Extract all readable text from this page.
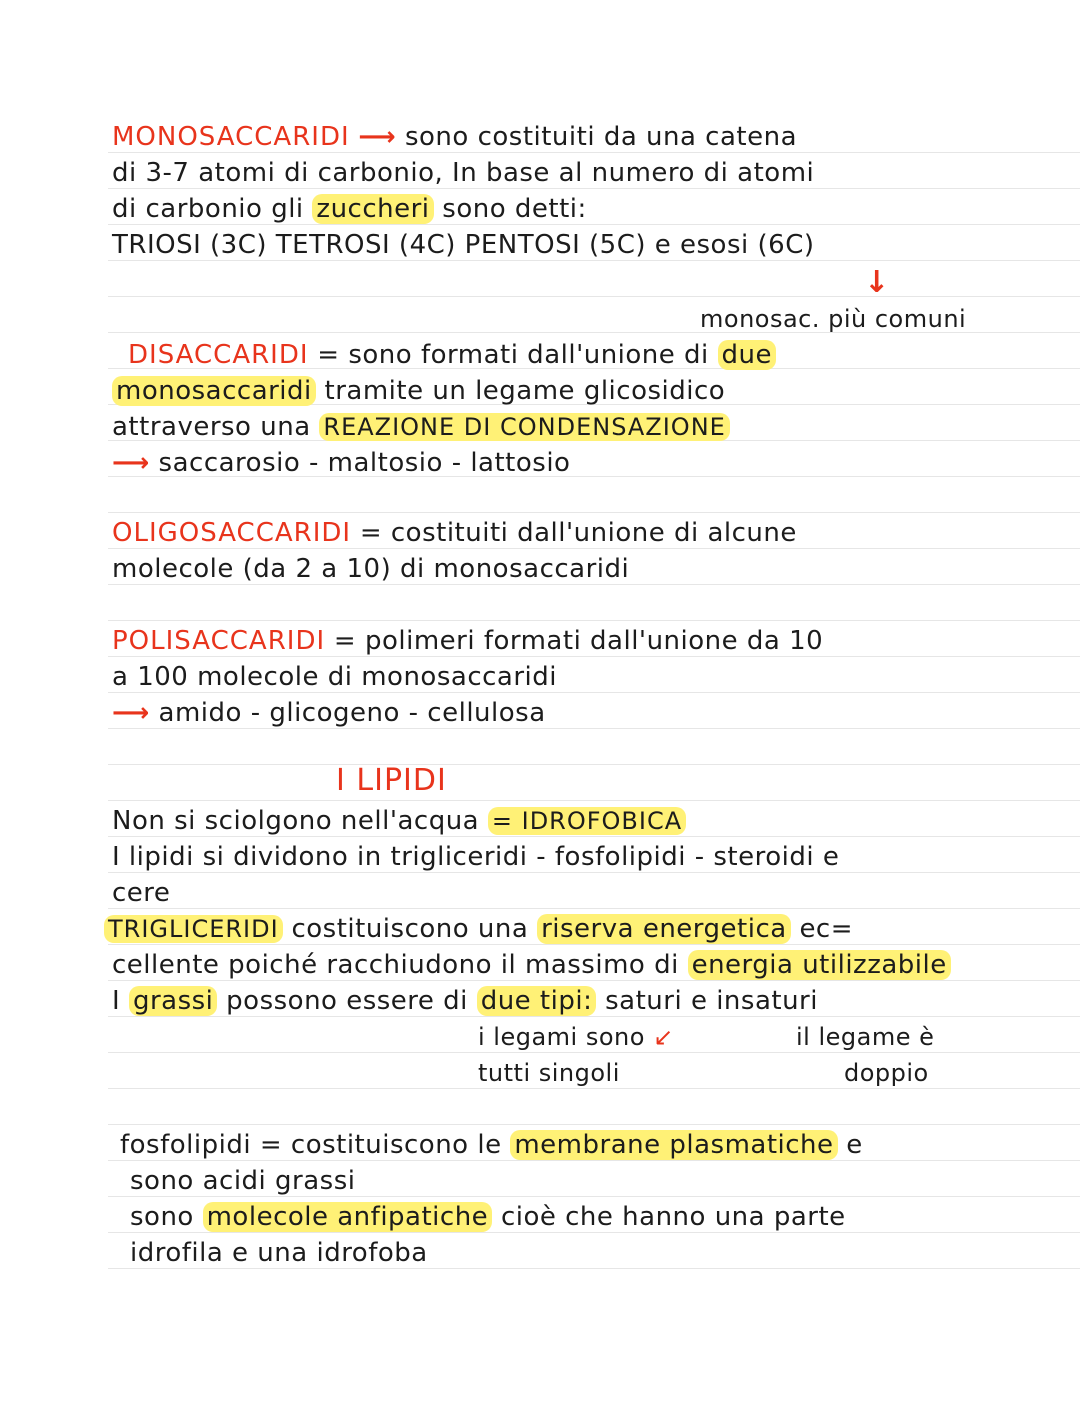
MONOSACCARIDI ⟶ sono costituiti da una catena
di 3-7 atomi di carbonio, In base al numero di atomi
di carbonio gli zuccheri sono detti:
TRIOSI (3C) TETROSI (4C) PENTOSI (5C) e esosi (6C)
↓
monosac. più comuni
DISACCARIDI = sono formati dall'unione di due
monosaccaridi tramite un legame glicosidico
attraverso una REAZIONE DI CONDENSAZIONE
⟶ saccarosio - maltosio - lattosio
OLIGOSACCARIDI = costituiti dall'unione di alcune
molecole (da 2 a 10) di monosaccaridi
POLISACCARIDI = polimeri formati dall'unione da 10
a 100 molecole di monosaccaridi
⟶ amido - glicogeno - cellulosa
I LIPIDI
Non si sciolgono nell'acqua = IDROFOBICA
I lipidi si dividono in trigliceridi - fosfolipidi - steroidi e
cere
TRIGLICERIDI costituiscono una riserva energetica ec=
cellente poiché racchiudono il massimo di energia utilizzabile
I grassi possono essere di due tipi: saturi e insaturi
i legami sono ↙
tutti singoli
il legame è
doppio
fosfolipidi = costituiscono le membrane plasmatiche e
sono acidi grassi
sono molecole anfipatiche cioè che hanno una parte
idrofila e una idrofoba
